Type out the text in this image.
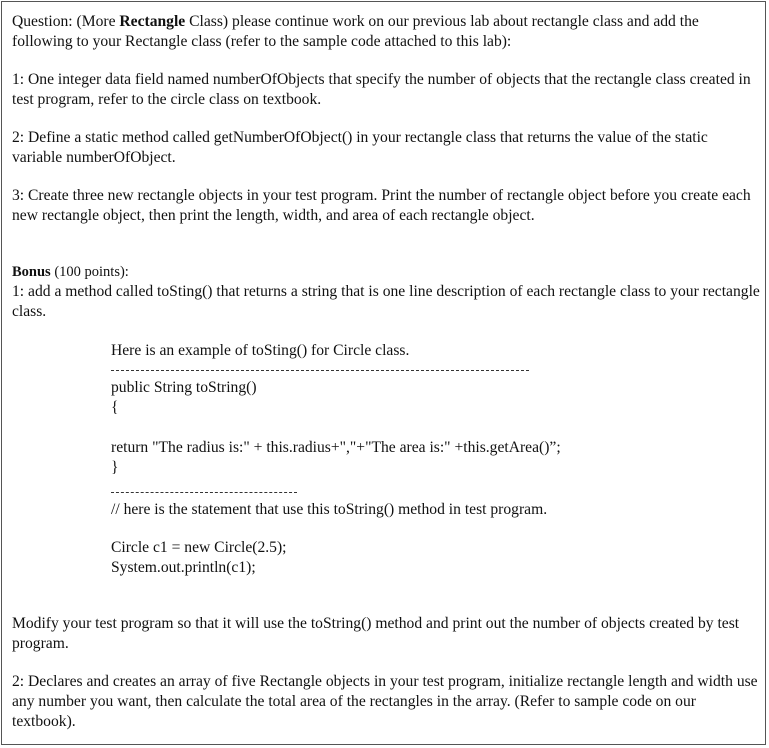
Question: (More Rectangle Class) please continue work on our previous lab about rectangle class and add the following to your Rectangle class (refer to the sample code attached to this lab):

1: One integer data field named numberOfObjects that specify the number of objects that the rectangle class created in test program, refer to the circle class on textbook.

2: Define a static method called getNumberOfObject() in your rectangle class that returns the value of the static variable numberOfObject.

3: Create three new rectangle objects in your test program. Print the number of rectangle object before you create each new rectangle object, then print the length, width, and area of each rectangle object.

Bonus (100 points):

1: add a method called toSting() that returns a string that is one line description of each rectangle class to your rectangle class.

Here is an example of toSting() for Circle class.

public String toString()

{

return "The radius is:" + this.radius+","+"The area is:" +this.getArea()”;

}

// here is the statement that use this toString() method in test program.

Circle c1 = new Circle(2.5);

System.out.println(c1);

Modify your test program so that it will use the toString() method and print out the number of objects created by test program.

2: Declares and creates an array of five Rectangle objects in your test program, initialize rectangle length and width use any number you want, then calculate the total area of the rectangles in the array. (Refer to sample code on our textbook).
